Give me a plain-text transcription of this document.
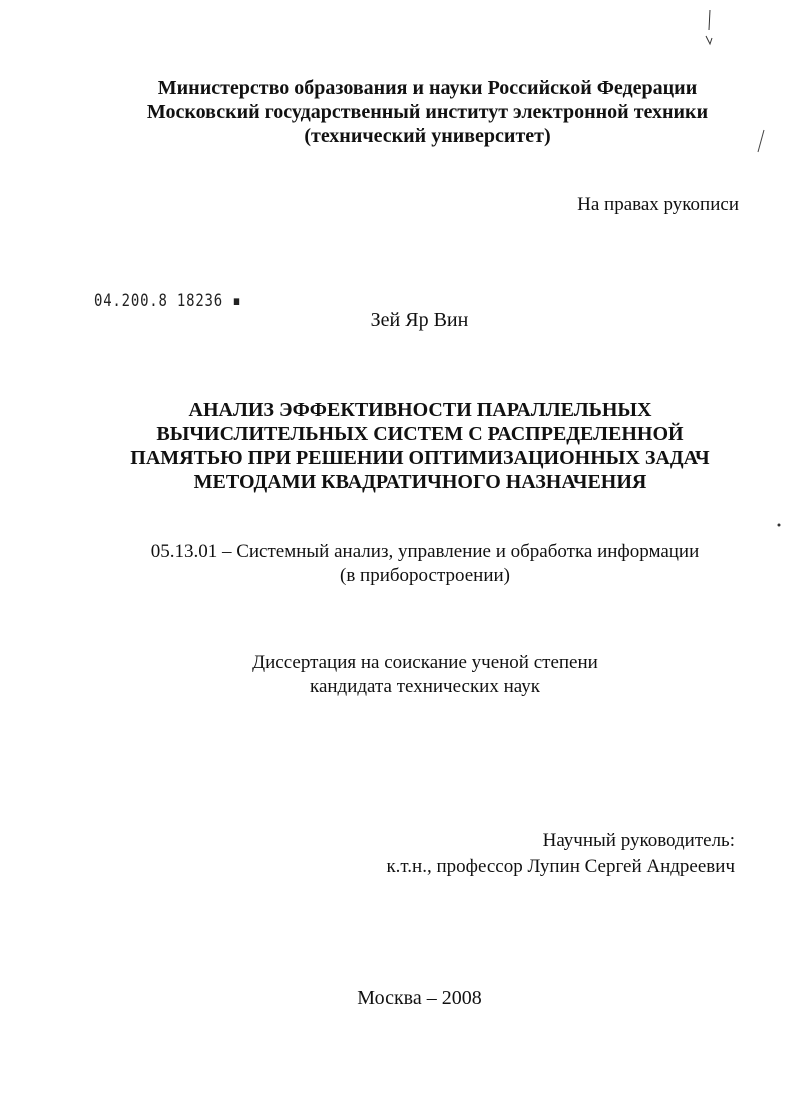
Министерство образования и науки Российской Федерации
Московский государственный институт электронной техники
(технический университет)
На правах рукописи
04.200.8 18236 ▪
Зей Яр Вин
АНАЛИЗ ЭФФЕКТИВНОСТИ ПАРАЛЛЕЛЬНЫХ
ВЫЧИСЛИТЕЛЬНЫХ СИСТЕМ С РАСПРЕДЕЛЕННОЙ
ПАМЯТЬЮ ПРИ РЕШЕНИИ ОПТИМИЗАЦИОННЫХ ЗАДАЧ
МЕТОДАМИ КВАДРАТИЧНОГО НАЗНАЧЕНИЯ
05.13.01 – Системный анализ, управление и обработка информации
(в приборостроении)
Диссертация на соискание ученой степени
кандидата технических наук
Научный руководитель:
к.т.н., профессор Лупин Сергей Андреевич
Москва – 2008
